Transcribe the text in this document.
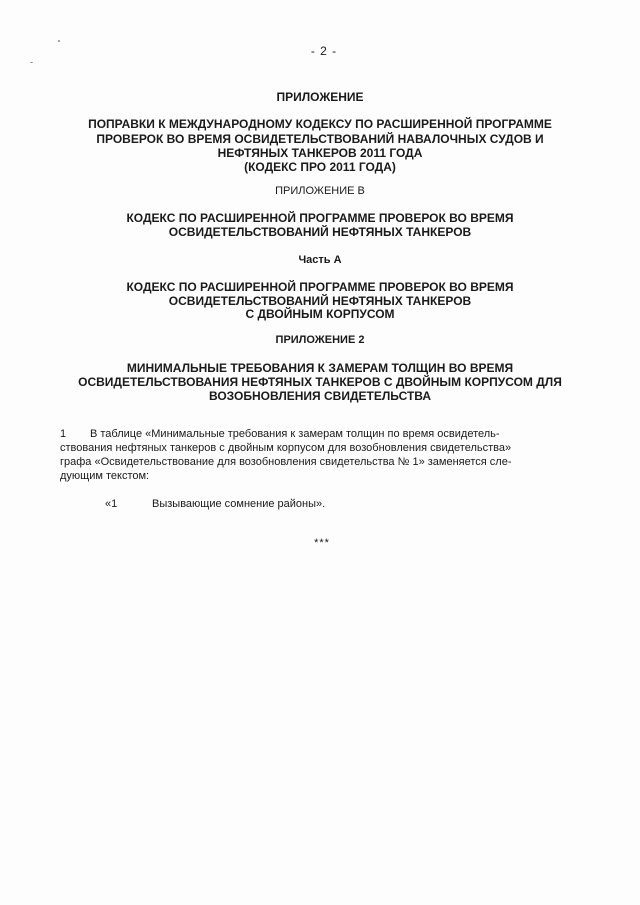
- 2 -

ПРИЛОЖЕНИЕ

ПОПРАВКИ К МЕЖДУНАРОДНОМУ КОДЕКСУ ПО РАСШИРЕННОЙ ПРОГРАММЕ

ПРОВЕРОК ВО ВРЕМЯ ОСВИДЕТЕЛЬСТВОВАНИЙ НАВАЛОЧНЫХ СУДОВ И

НЕФТЯНЫХ ТАНКЕРОВ 2011 ГОДА

(КОДЕКС ПРО 2011 ГОДА)

ПРИЛОЖЕНИЕ В

КОДЕКС ПО РАСШИРЕННОЙ ПРОГРАММЕ ПРОВЕРОК ВО ВРЕМЯ

ОСВИДЕТЕЛЬСТВОВАНИЙ НЕФТЯНЫХ ТАНКЕРОВ

Часть А

КОДЕКС ПО РАСШИРЕННОЙ ПРОГРАММЕ ПРОВЕРОК ВО ВРЕМЯ

ОСВИДЕТЕЛЬСТВОВАНИЙ НЕФТЯНЫХ ТАНКЕРОВ

С ДВОЙНЫМ КОРПУСОМ

ПРИЛОЖЕНИЕ 2

МИНИМАЛЬНЫЕ ТРЕБОВАНИЯ К ЗАМЕРАМ ТОЛЩИН ВО ВРЕМЯ

ОСВИДЕТЕЛЬСТВОВАНИЯ НЕФТЯНЫХ ТАНКЕРОВ С ДВОЙНЫМ КОРПУСОМ ДЛЯ

ВОЗОБНОВЛЕНИЯ СВИДЕТЕЛЬСТВА

1 В таблице «Минимальные требования к замерам толщин по время освидетель-
ствования нефтяных танкеров с двойным корпусом для возобновления свидетельства»
графа «Освидетельствование для возобновления свидетельства № 1» заменяется сле-
дующим текстом:
«1	Вызывающие сомнение районы».

***
